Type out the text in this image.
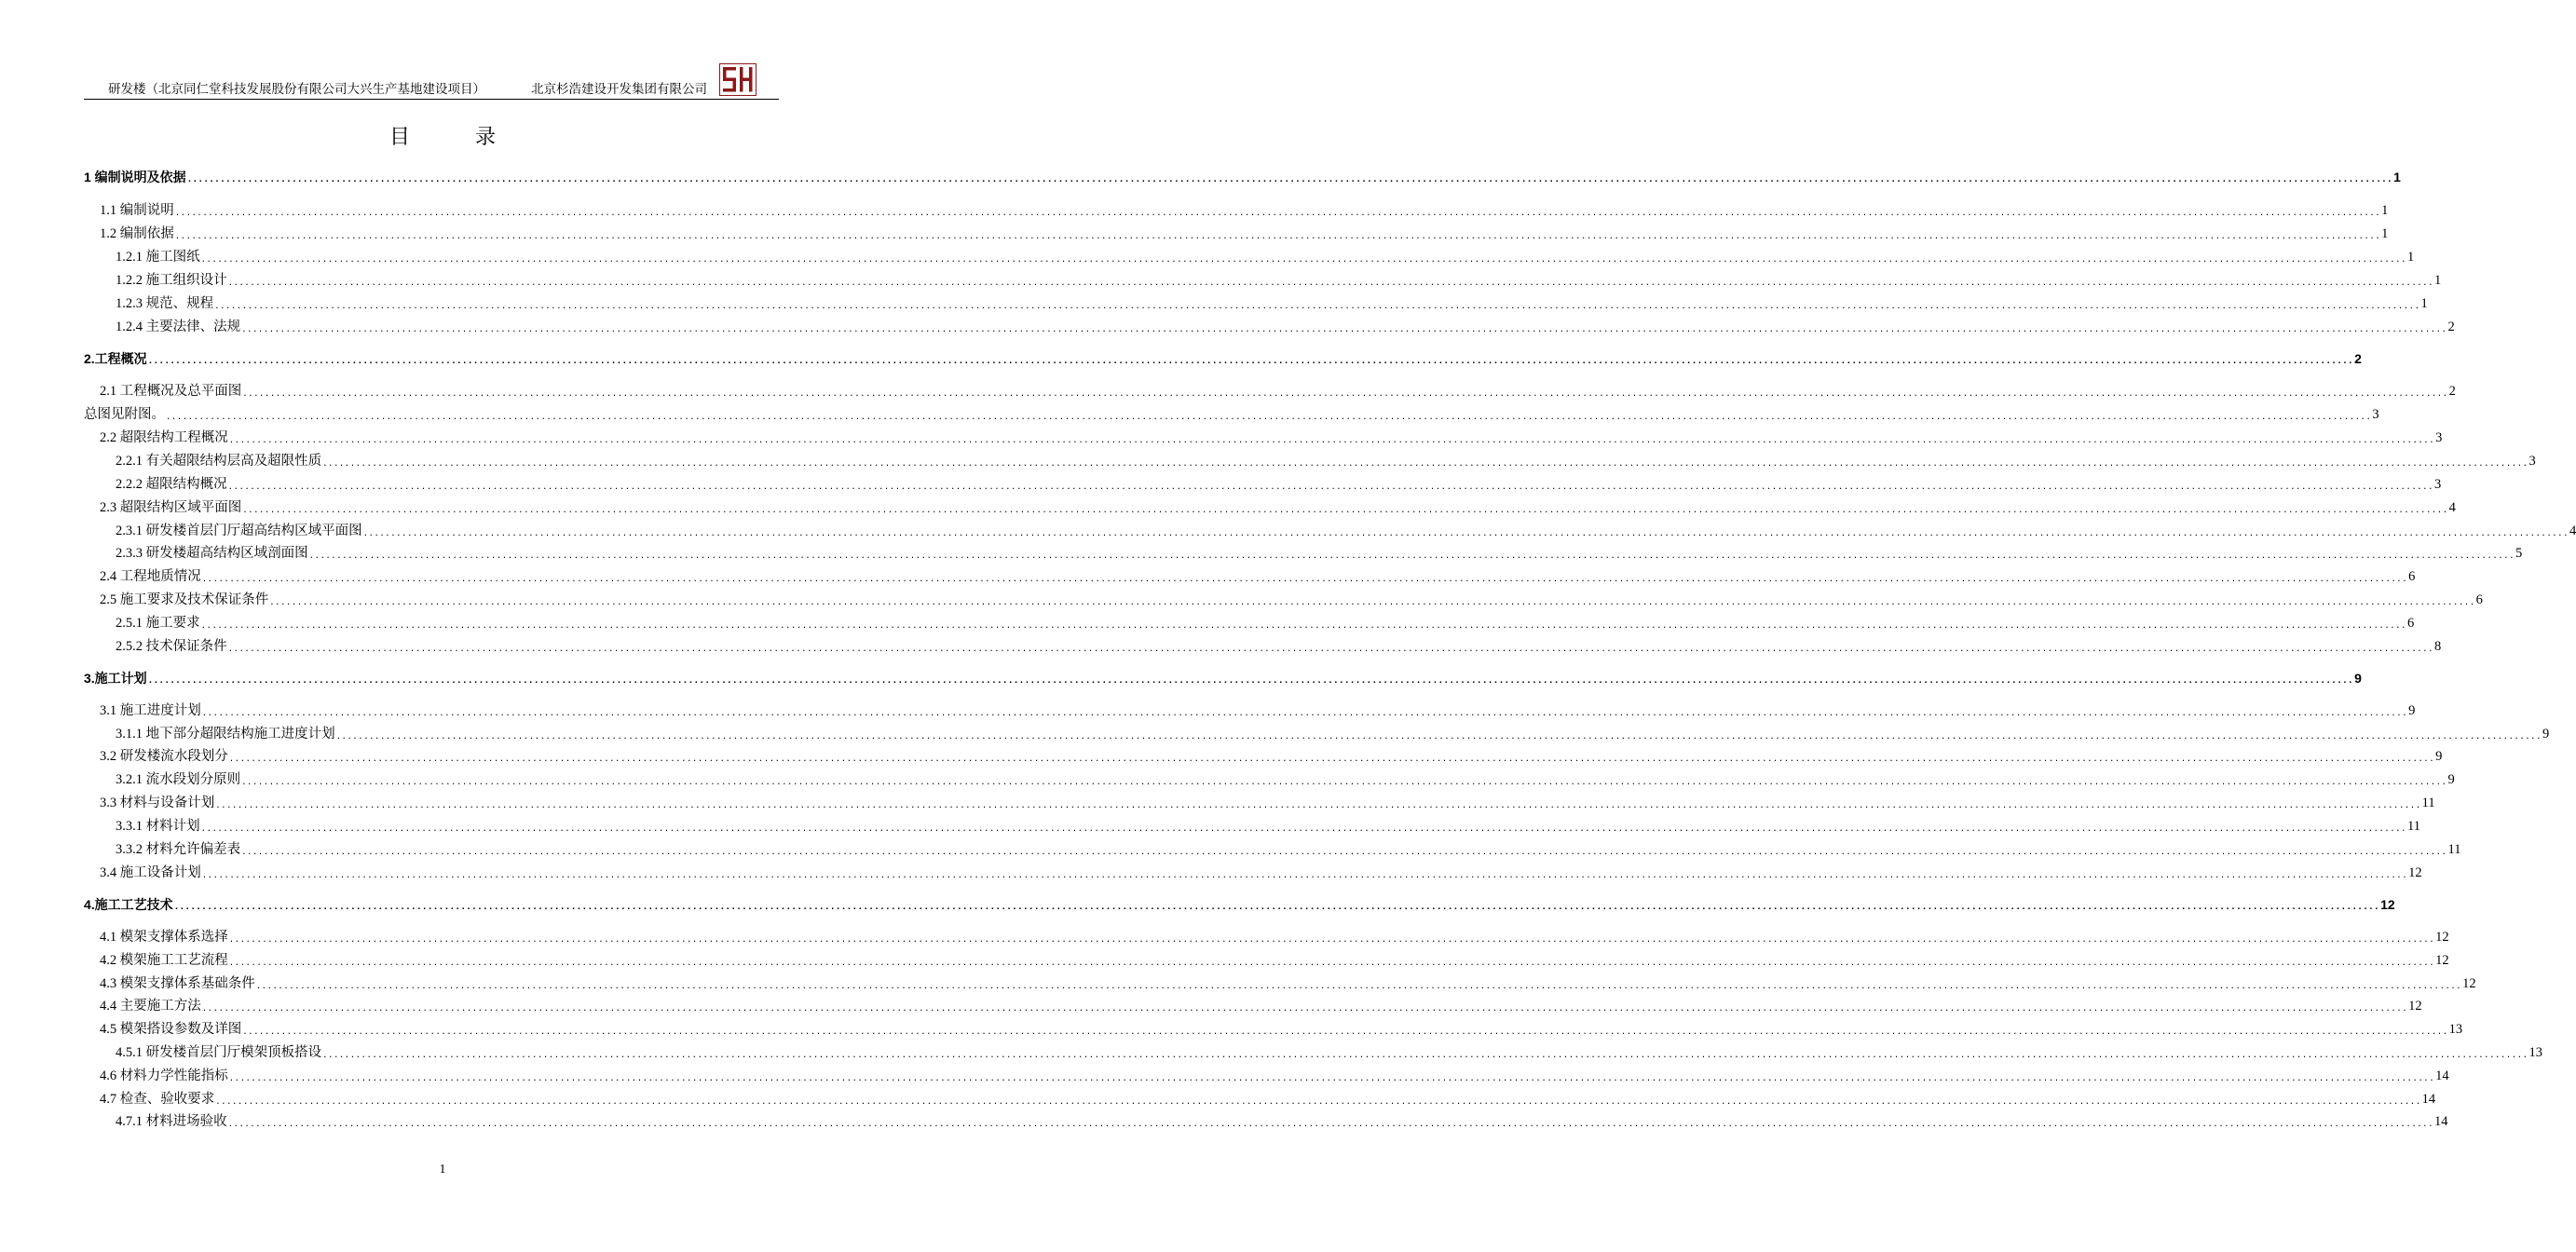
研发楼（北京同仁堂科技发展股份有限公司大兴生产基地建设项目）	北京杉浩建设开发集团有限公司
目	录
1 编制说明及依据 ................................................................................................................................................................................................................................................................................................................................................................................................................ 1
1.1 编制说明 ................................................................................................................................................................................................................................................................................................................................................................................................................ 1
1.2 编制依据 ................................................................................................................................................................................................................................................................................................................................................................................................................ 1
1.2.1 施工图纸 ................................................................................................................................................................................................................................................................................................................................................................................................................ 1
1.2.2 施工组织设计 ................................................................................................................................................................................................................................................................................................................................................................................................................ 1
1.2.3 规范、规程 ................................................................................................................................................................................................................................................................................................................................................................................................................ 1
1.2.4 主要法律、法规 ................................................................................................................................................................................................................................................................................................................................................................................................................ 2
2.工程概况 ................................................................................................................................................................................................................................................................................................................................................................................................................ 2
2.1 工程概况及总平面图 ................................................................................................................................................................................................................................................................................................................................................................................................................ 2
总图见附图。 ................................................................................................................................................................................................................................................................................................................................................................................................................ 3
2.2 超限结构工程概况 ................................................................................................................................................................................................................................................................................................................................................................................................................ 3
2.2.1 有关超限结构层高及超限性质 ................................................................................................................................................................................................................................................................................................................................................................................................................ 3
2.2.2 超限结构概况 ................................................................................................................................................................................................................................................................................................................................................................................................................ 3
2.3 超限结构区域平面图 ................................................................................................................................................................................................................................................................................................................................................................................................................ 4
2.3.1 研发楼首层门厅超高结构区域平面图 ................................................................................................................................................................................................................................................................................................................................................................................................................ 4
2.3.3 研发楼超高结构区域剖面图 ................................................................................................................................................................................................................................................................................................................................................................................................................ 5
2.4 工程地质情况 ................................................................................................................................................................................................................................................................................................................................................................................................................ 6
2.5 施工要求及技术保证条件 ................................................................................................................................................................................................................................................................................................................................................................................................................ 6
2.5.1 施工要求 ................................................................................................................................................................................................................................................................................................................................................................................................................ 6
2.5.2 技术保证条件 ................................................................................................................................................................................................................................................................................................................................................................................................................ 8
3.施工计划 ................................................................................................................................................................................................................................................................................................................................................................................................................ 9
3.1 施工进度计划 ................................................................................................................................................................................................................................................................................................................................................................................................................ 9
3.1.1 地下部分超限结构施工进度计划 ................................................................................................................................................................................................................................................................................................................................................................................................................ 9
3.2 研发楼流水段划分 ................................................................................................................................................................................................................................................................................................................................................................................................................ 9
3.2.1 流水段划分原则 ................................................................................................................................................................................................................................................................................................................................................................................................................ 9
3.3 材料与设备计划 ................................................................................................................................................................................................................................................................................................................................................................................................................ 11
3.3.1 材料计划 ................................................................................................................................................................................................................................................................................................................................................................................................................ 11
3.3.2 材料允许偏差表 ................................................................................................................................................................................................................................................................................................................................................................................................................ 11
3.4 施工设备计划 ................................................................................................................................................................................................................................................................................................................................................................................................................ 12
4.施工工艺技术 ................................................................................................................................................................................................................................................................................................................................................................................................................ 12
4.1 模架支撑体系选择 ................................................................................................................................................................................................................................................................................................................................................................................................................ 12
4.2 模架施工工艺流程 ................................................................................................................................................................................................................................................................................................................................................................................................................ 12
4.3 模架支撑体系基础条件 ................................................................................................................................................................................................................................................................................................................................................................................................................ 12
4.4 主要施工方法 ................................................................................................................................................................................................................................................................................................................................................................................................................ 12
4.5 模架搭设参数及详图 ................................................................................................................................................................................................................................................................................................................................................................................................................ 13
4.5.1 研发楼首层门厅模架顶板搭设 ................................................................................................................................................................................................................................................................................................................................................................................................................ 13
4.6 材料力学性能指标 ................................................................................................................................................................................................................................................................................................................................................................................................................ 14
4.7 检查、验收要求 ................................................................................................................................................................................................................................................................................................................................................................................................................ 14
4.7.1 材料进场验收 ................................................................................................................................................................................................................................................................................................................................................................................................................ 14
1
